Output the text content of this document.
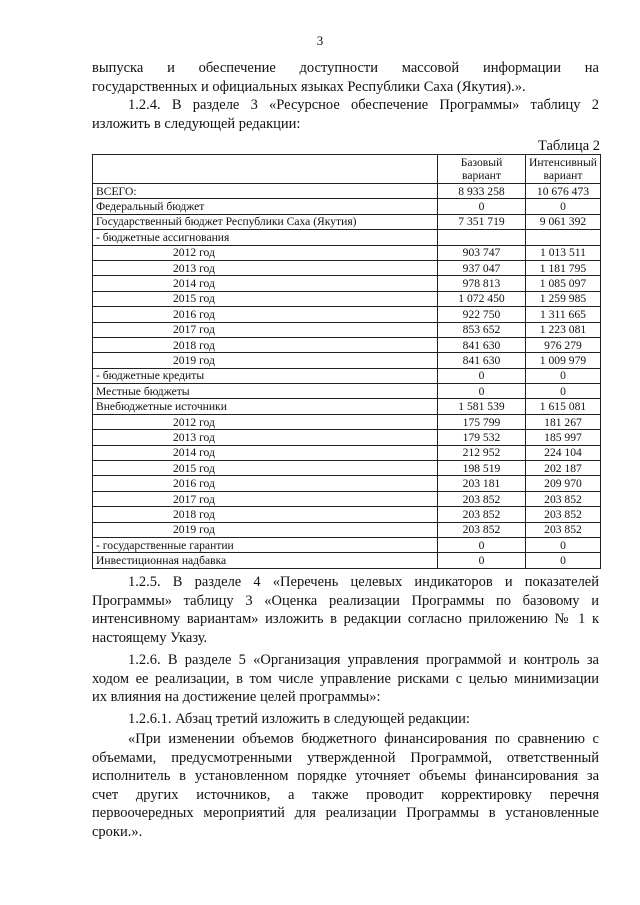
3
выпуска и обеспечение доступности массовой информации на
государственных и официальных языках Республики Саха (Якутия).».
1.2.4. В разделе 3 «Ресурсное обеспечение Программы» таблицу 2
изложить в следующей редакции:
Таблица 2
	Базовый вариант	Интенсивный вариант
ВСЕГО:	8 933 258	10 676 473
Федеральный бюджет	0	0
Государственный бюджет Республики Саха (Якутия)	7 351 719	9 061 392
- бюджетные ассигнования		
2012 год	903 747	1 013 511
2013 год	937 047	1 181 795
2014 год	978 813	1 085 097
2015 год	1 072 450	1 259 985
2016 год	922 750	1 311 665
2017 год	853 652	1 223 081
2018 год	841 630	976 279
2019 год	841 630	1 009 979
- бюджетные кредиты	0	0
Местные бюджеты	0	0
Внебюджетные источники	1 581 539	1 615 081
2012 год	175 799	181 267
2013 год	179 532	185 997
2014 год	212 952	224 104
2015 год	198 519	202 187
2016 год	203 181	209 970
2017 год	203 852	203 852
2018 год	203 852	203 852
2019 год	203 852	203 852
- государственные гарантии	0	0
Инвестиционная надбавка	0	0
1.2.5. В разделе 4 «Перечень целевых индикаторов и показателей
Программы» таблицу 3 «Оценка реализации Программы по базовому и
интенсивному вариантам» изложить в редакции согласно приложению № 1 к
настоящему Указу.
1.2.6. В разделе 5 «Организация управления программой и контроль за
ходом ее реализации, в том числе управление рисками с целью минимизации
их влияния на достижение целей программы»:
1.2.6.1. Абзац третий изложить в следующей редакции:
«При изменении объемов бюджетного финансирования по сравнению с
объемами, предусмотренными утвержденной Программой, ответственный
исполнитель в установленном порядке уточняет объемы финансирования за
счет других источников, а также проводит корректировку перечня
первоочередных мероприятий для реализации Программы в установленные
сроки.».
